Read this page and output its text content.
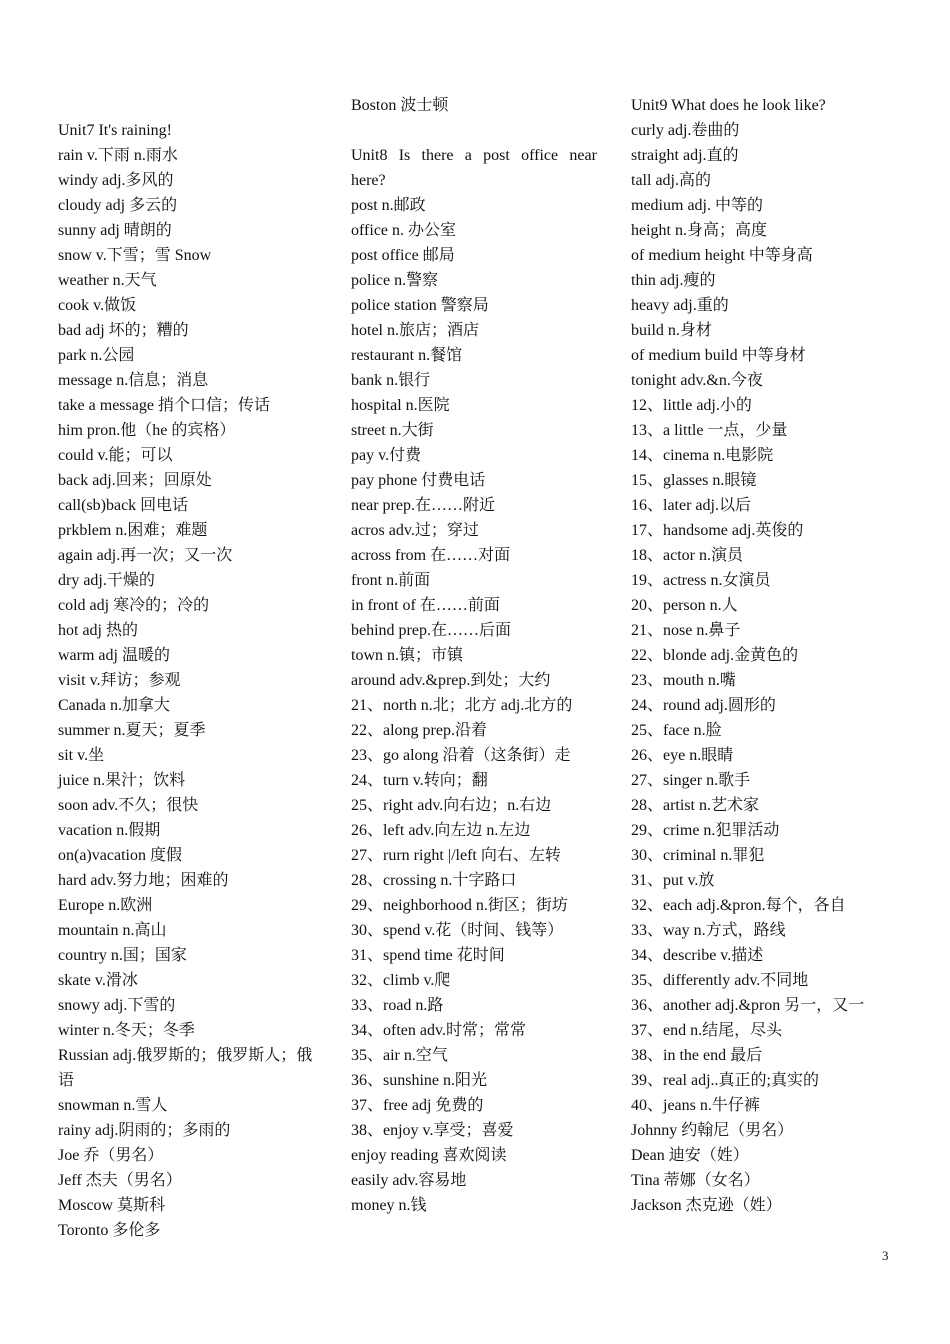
Unit7 It's raining!
rain v.下雨 n.雨水
windy adj.多风的
cloudy adj 多云的
sunny adj 晴朗的
snow v.下雪；雪 Snow
weather n.天气
cook v.做饭
bad adj 坏的；糟的
park n.公园
message n.信息；消息
take a message 捎个口信；传话
him pron.他（he 的宾格）
could v.能；可以
back adj.回来；回原处
call(sb)back 回电话
prkblem n.困难；难题
again adj.再一次；又一次
dry adj.干燥的
cold adj 寒冷的；冷的
hot adj 热的
warm adj 温暖的
visit v.拜访；参观
Canada n.加拿大
summer n.夏天；夏季
sit v.坐
juice n.果汁；饮料
soon adv.不久；很快
vacation n.假期
on(a)vacation 度假
hard adv.努力地；困难的
Europe n.欧洲
mountain n.高山
country n.国；国家
skate v.滑冰
snowy adj.下雪的
winter n.冬天；冬季
Russian adj.俄罗斯的；俄罗斯人；俄
语
snowman n.雪人
rainy adj.阴雨的；多雨的
Joe 乔（男名）
Jeff 杰夫（男名）
Moscow 莫斯科
Toronto 多伦多
Boston 波士顿
Unit8 Is there a post office near
here?
post n.邮政
office n. 办公室
post office 邮局
police n.警察
police station 警察局
hotel n.旅店；酒店
restaurant n.餐馆
bank n.银行
hospital n.医院
street n.大街
pay v.付费
pay phone 付费电话
near prep.在……附近
acros adv.过；穿过
across from 在……对面
front n.前面
in front of 在……前面
behind prep.在……后面
town n.镇；市镇
around adv.&prep.到处；大约
21、north n.北；北方 adj.北方的
22、along prep.沿着
23、go along 沿着（这条街）走
24、turn v.转向；翻
25、right adv.向右边；n.右边
26、left adv.向左边 n.左边
27、rurn right |/left 向右、左转
28、crossing n.十字路口
29、neighborhood n.街区；街坊
30、spend v.花（时间、钱等）
31、spend time 花时间
32、climb v.爬
33、road n.路
34、often adv.时常；常常
35、air n.空气
36、sunshine n.阳光
37、free adj 免费的
38、enjoy v.享受；喜爱
enjoy reading 喜欢阅读
easily adv.容易地
money n.钱
Unit9 What does he look like?
curly adj.卷曲的
straight adj.直的
tall adj.高的
medium adj. 中等的
height n.身高；高度
of medium height 中等身高
thin adj.瘦的
heavy adj.重的
build n.身材
of medium build 中等身材
tonight adv.&n.今夜
12、little adj.小的
13、a little 一点，少量
14、cinema n.电影院
15、glasses n.眼镜
16、later adj.以后
17、handsome adj.英俊的
18、actor n.演员
19、actress n.女演员
20、person n.人
21、nose n.鼻子
22、blonde adj.金黄色的
23、mouth n.嘴
24、round adj.圆形的
25、face n.脸
26、eye n.眼睛
27、singer n.歌手
28、artist n.艺术家
29、crime n.犯罪活动
30、criminal n.罪犯
31、put v.放
32、each adj.&pron.每个，各自
33、way n.方式，路线
34、describe v.描述
35、differently adv.不同地
36、another adj.&pron 另一，又一
37、end n.结尾，尽头
38、in the end 最后
39、real adj..真正的;真实的
40、jeans n.牛仔裤
Johnny 约翰尼（男名）
Dean 迪安（姓）
Tina 蒂娜（女名）
Jackson 杰克逊（姓）
3
